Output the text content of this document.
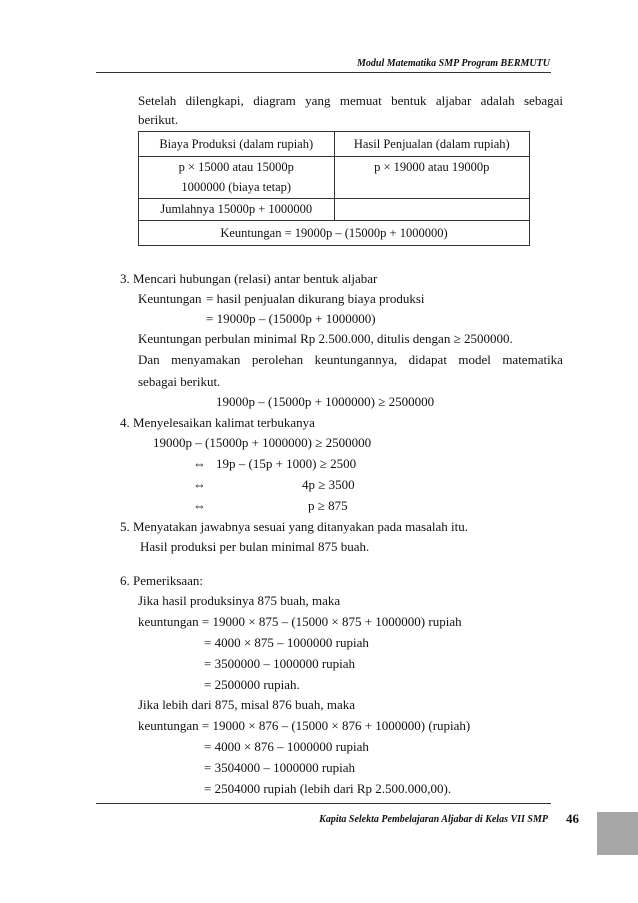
Modul Matematika SMP Program BERMUTU
Setelah dilengkapi, diagram yang memuat bentuk aljabar adalah sebagai
berikut.
Biaya Produksi (dalam rupiah)	Hasil Penjualan (dalam rupiah)

p × 15000 atau 15000p
1000000 (biaya tetap)	p × 19000 atau 19000p
Jumlahnya 15000p + 1000000	
Keuntungan = 19000p – (15000p + 1000000)	
3. Mencari hubungan (relasi) antar bentuk aljabar
Keuntungan = hasil penjualan dikurang biaya produksi
= 19000p – (15000p + 1000000)
Keuntungan perbulan minimal Rp 2.500.000, ditulis dengan ≥ 2500000.
Dan menyamakan perolehan keuntungannya, didapat model matematika
sebagai berikut.
19000p – (15000p + 1000000) ≥ 2500000
4. Menyelesaikan kalimat terbukanya
19000p – (15000p + 1000000) ≥ 2500000
⇔ 19p – (15p + 1000) ≥ 2500
⇔	4p ≥ 3500
⇔	p ≥ 875
5. Menyatakan jawabnya sesuai yang ditanyakan pada masalah itu.
Hasil produksi per bulan minimal 875 buah.
6. Pemeriksaan:
Jika hasil produksinya 875 buah, maka
keuntungan = 19000 × 875 – (15000 × 875 + 1000000) rupiah
= 4000 × 875 – 1000000 rupiah
= 3500000 – 1000000 rupiah
= 2500000 rupiah.
Jika lebih dari 875, misal 876 buah, maka
keuntungan = 19000 × 876 – (15000 × 876 + 1000000) (rupiah)
= 4000 × 876 – 1000000 rupiah
= 3504000 – 1000000 rupiah
= 2504000 rupiah (lebih dari Rp 2.500.000,00).
Kapita Selekta Pembelajaran Aljabar di Kelas VII SMP 46
